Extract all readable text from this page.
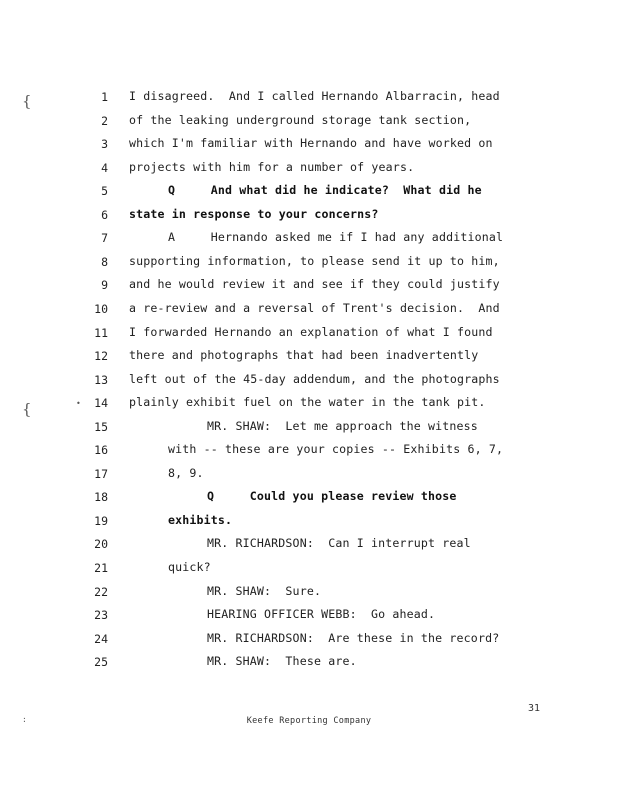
{
{	•
:
1 I disagreed.  And I called Hernando Albarracin, head
2 of the leaking underground storage tank section,
3 which I'm familiar with Hernando and have worked on
4 projects with him for a number of years.
5	Q     And what did he indicate?  What did he
6 state in response to your concerns?
7	A     Hernando asked me if I had any additional
8 supporting information, to please send it up to him,
9 and he would review it and see if they could justify
10 a re-review and a reversal of Trent's decision.  And
11 I forwarded Hernando an explanation of what I found
12 there and photographs that had been inadvertently
13 left out of the 45-day addendum, and the photographs
14 plainly exhibit fuel on the water in the tank pit.
15	MR. SHAW:  Let me approach the witness
16	with -- these are your copies -- Exhibits 6, 7,
17	8, 9.
18	Q     Could you please review those
19	exhibits.
20	MR. RICHARDSON:  Can I interrupt real
21	quick?
22	MR. SHAW:  Sure.
23	HEARING OFFICER WEBB:  Go ahead.
24	MR. RICHARDSON:  Are these in the record?
25	MR. SHAW:  These are.
31
Keefe Reporting Company
